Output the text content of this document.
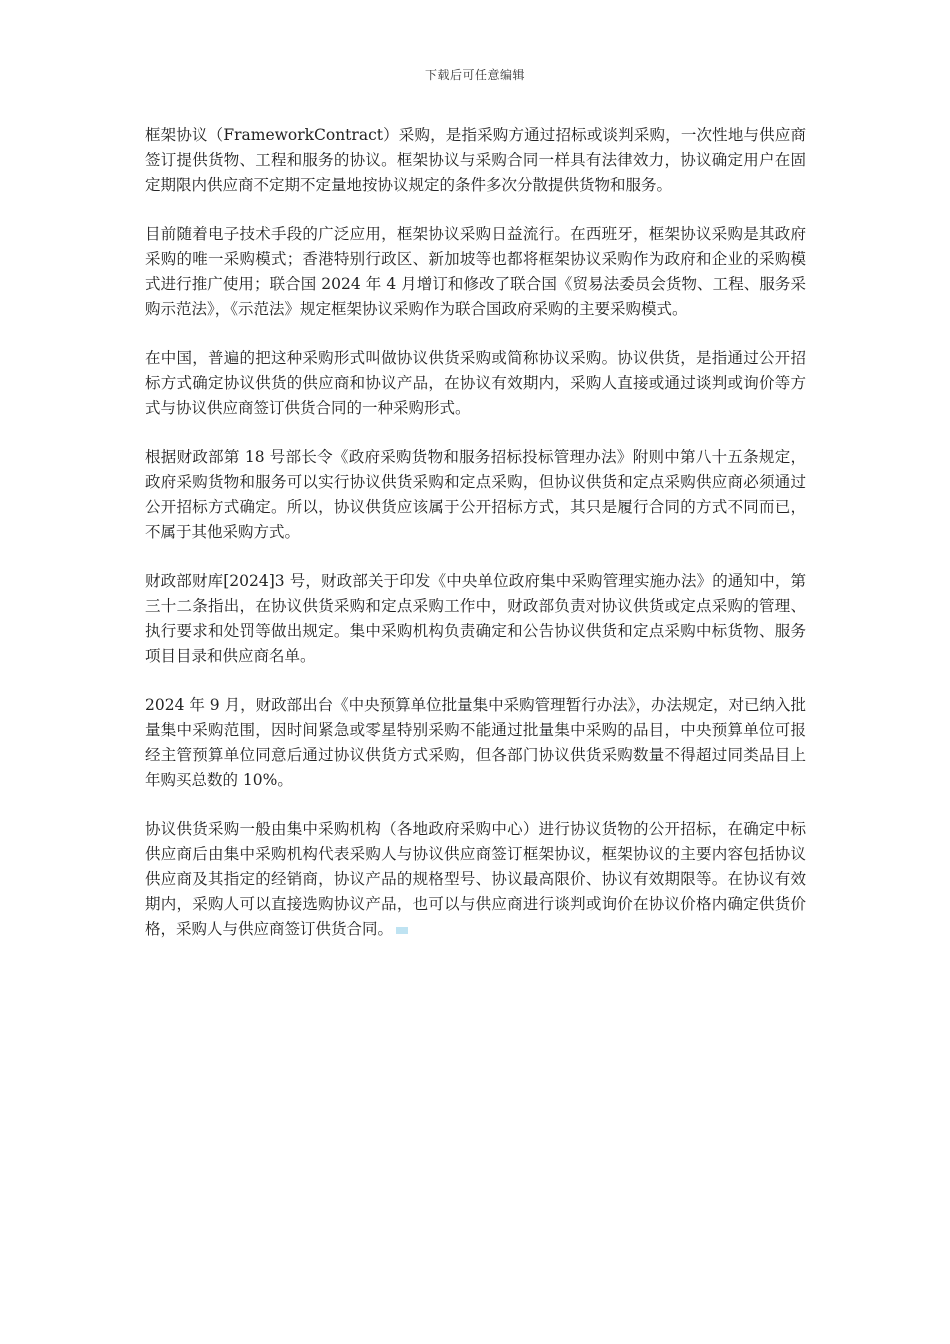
下载后可任意编辑

框架协议（FrameworkContract）采购，是指采购方通过招标或谈判采购，一次性地与供应商签订提供货物、工程和服务的协议。框架协议与采购合同一样具有法律效力，协议确定用户在固定期限内供应商不定期不定量地按协议规定的条件多次分散提供货物和服务。

目前随着电子技术手段的广泛应用，框架协议采购日益流行。在西班牙，框架协议采购是其政府采购的唯一采购模式；香港特别行政区、新加坡等也都将框架协议采购作为政府和企业的采购模式进行推广使用；联合国 2024 年 4 月增订和修改了联合国《贸易法委员会货物、工程、服务采购示范法》，《示范法》规定框架协议采购作为联合国政府采购的主要采购模式。

在中国，普遍的把这种采购形式叫做协议供货采购或简称协议采购。协议供货，是指通过公开招标方式确定协议供货的供应商和协议产品，在协议有效期内，采购人直接或通过谈判或询价等方式与协议供应商签订供货合同的一种采购形式。

根据财政部第 18 号部长令《政府采购货物和服务招标投标管理办法》附则中第八十五条规定，政府采购货物和服务可以实行协议供货采购和定点采购，但协议供货和定点采购供应商必须通过公开招标方式确定。所以，协议供货应该属于公开招标方式，其只是履行合同的方式不同而已，不属于其他采购方式。

财政部财库[2024]3 号，财政部关于印发《中央单位政府集中采购管理实施办法》的通知中，第三十二条指出，在协议供货采购和定点采购工作中，财政部负责对协议供货或定点采购的管理、执行要求和处罚等做出规定。集中采购机构负责确定和公告协议供货和定点采购中标货物、服务项目目录和供应商名单。

2024 年 9 月，财政部出台《中央预算单位批量集中采购管理暂行办法》，办法规定，对已纳入批量集中采购范围，因时间紧急或零星特别采购不能通过批量集中采购的品目，中央预算单位可报经主管预算单位同意后通过协议供货方式采购，但各部门协议供货采购数量不得超过同类品目上年购买总数的 10%。

协议供货采购一般由集中采购机构（各地政府采购中心）进行协议货物的公开招标，在确定中标供应商后由集中采购机构代表采购人与协议供应商签订框架协议，框架协议的主要内容包括协议供应商及其指定的经销商，协议产品的规格型号、协议最高限价、协议有效期限等。在协议有效期内，采购人可以直接选购协议产品，也可以与供应商进行谈判或询价在协议价格内确定供货价格，采购人与供应商签订供货合同。
